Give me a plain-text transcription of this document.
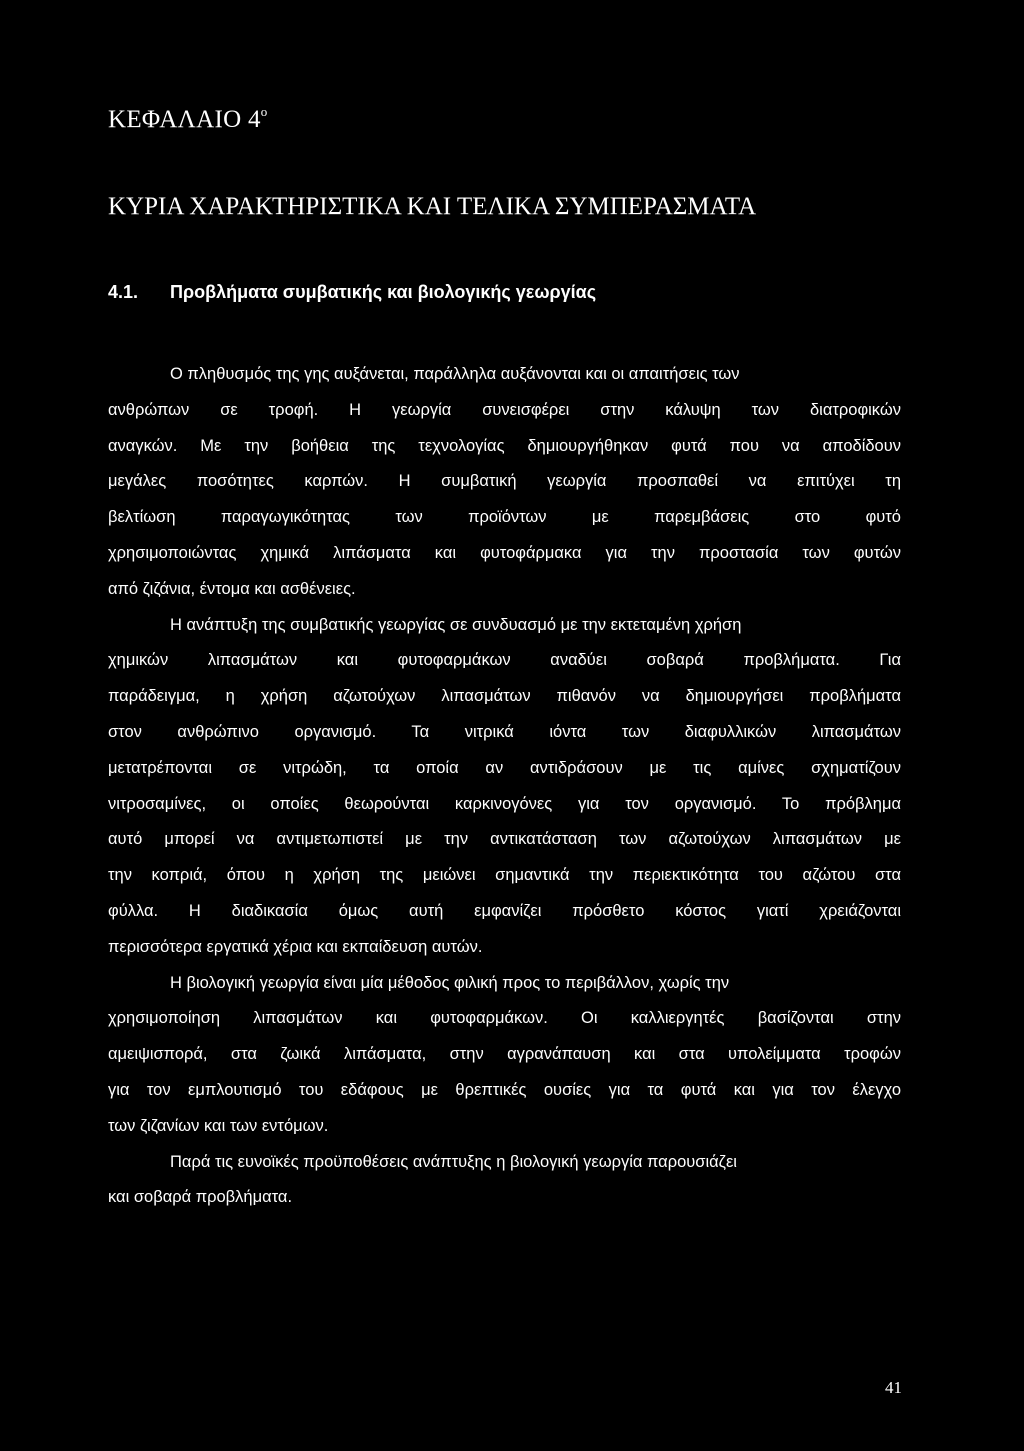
ΚΕΦΑΛΑΙΟ $4^o$
ΚΥΡΙΑ ΧΑΡΑΚΤΗΡΙΣΤΙΚΑ ΚΑΙ ΤΕΛΙΚΑ ΣΥΜΠΕΡΑΣΜΑΤΑ
4.1. Προβλήματα συμβατικής και βιολογικής γεωργίας
Ο πληθυσμός της γης αυξάνεται, παράλληλα αυξάνονται και οι απαιτήσεις των
ανθρώπων σε τροφή. Η γεωργία συνεισφέρει στην κάλυψη των διατροφικών
αναγκών. Με την βοήθεια της τεχνολογίας δημιουργήθηκαν φυτά που να αποδίδουν
μεγάλες ποσότητες καρπών. Η συμβατική γεωργία προσπαθεί να επιτύχει τη
βελτίωση παραγωγικότητας των προϊόντων με παρεμβάσεις στο φυτό
χρησιμοποιώντας χημικά λιπάσματα και φυτοφάρμακα για την προστασία των φυτών
από ζιζάνια, έντομα και ασθένειες.
Η ανάπτυξη της συμβατικής γεωργίας σε συνδυασμό με την εκτεταμένη χρήση
χημικών λιπασμάτων και φυτοφαρμάκων αναδύει σοβαρά προβλήματα. Για
παράδειγμα, η χρήση αζωτούχων λιπασμάτων πιθανόν να δημιουργήσει προβλήματα
στον ανθρώπινο οργανισμό. Τα νιτρικά ιόντα των διαφυλλικών λιπασμάτων
μετατρέπονται σε νιτρώδη, τα οποία αν αντιδράσουν με τις αμίνες σχηματίζουν
νιτροσαμίνες, οι οποίες θεωρούνται καρκινογόνες για τον οργανισμό. Το πρόβλημα
αυτό μπορεί να αντιμετωπιστεί με την αντικατάσταση των αζωτούχων λιπασμάτων με
την κοπριά, όπου η χρήση της μειώνει σημαντικά την περιεκτικότητα του αζώτου στα
φύλλα. Η διαδικασία όμως αυτή εμφανίζει πρόσθετο κόστος γιατί χρειάζονται
περισσότερα εργατικά χέρια και εκπαίδευση αυτών.
Η βιολογική γεωργία είναι μία μέθοδος φιλική προς το περιβάλλον, χωρίς την
χρησιμοποίηση λιπασμάτων και φυτοφαρμάκων. Οι καλλιεργητές βασίζονται στην
αμειψισπορά, στα ζωικά λιπάσματα, στην αγρανάπαυση και στα υπολείμματα τροφών
για τον εμπλουτισμό του εδάφους με θρεπτικές ουσίες για τα φυτά και για τον έλεγχο
των ζιζανίων και των εντόμων.
Παρά τις ευνοϊκές προϋποθέσεις ανάπτυξης η βιολογική γεωργία παρουσιάζει
και σοβαρά προβλήματα.
41
